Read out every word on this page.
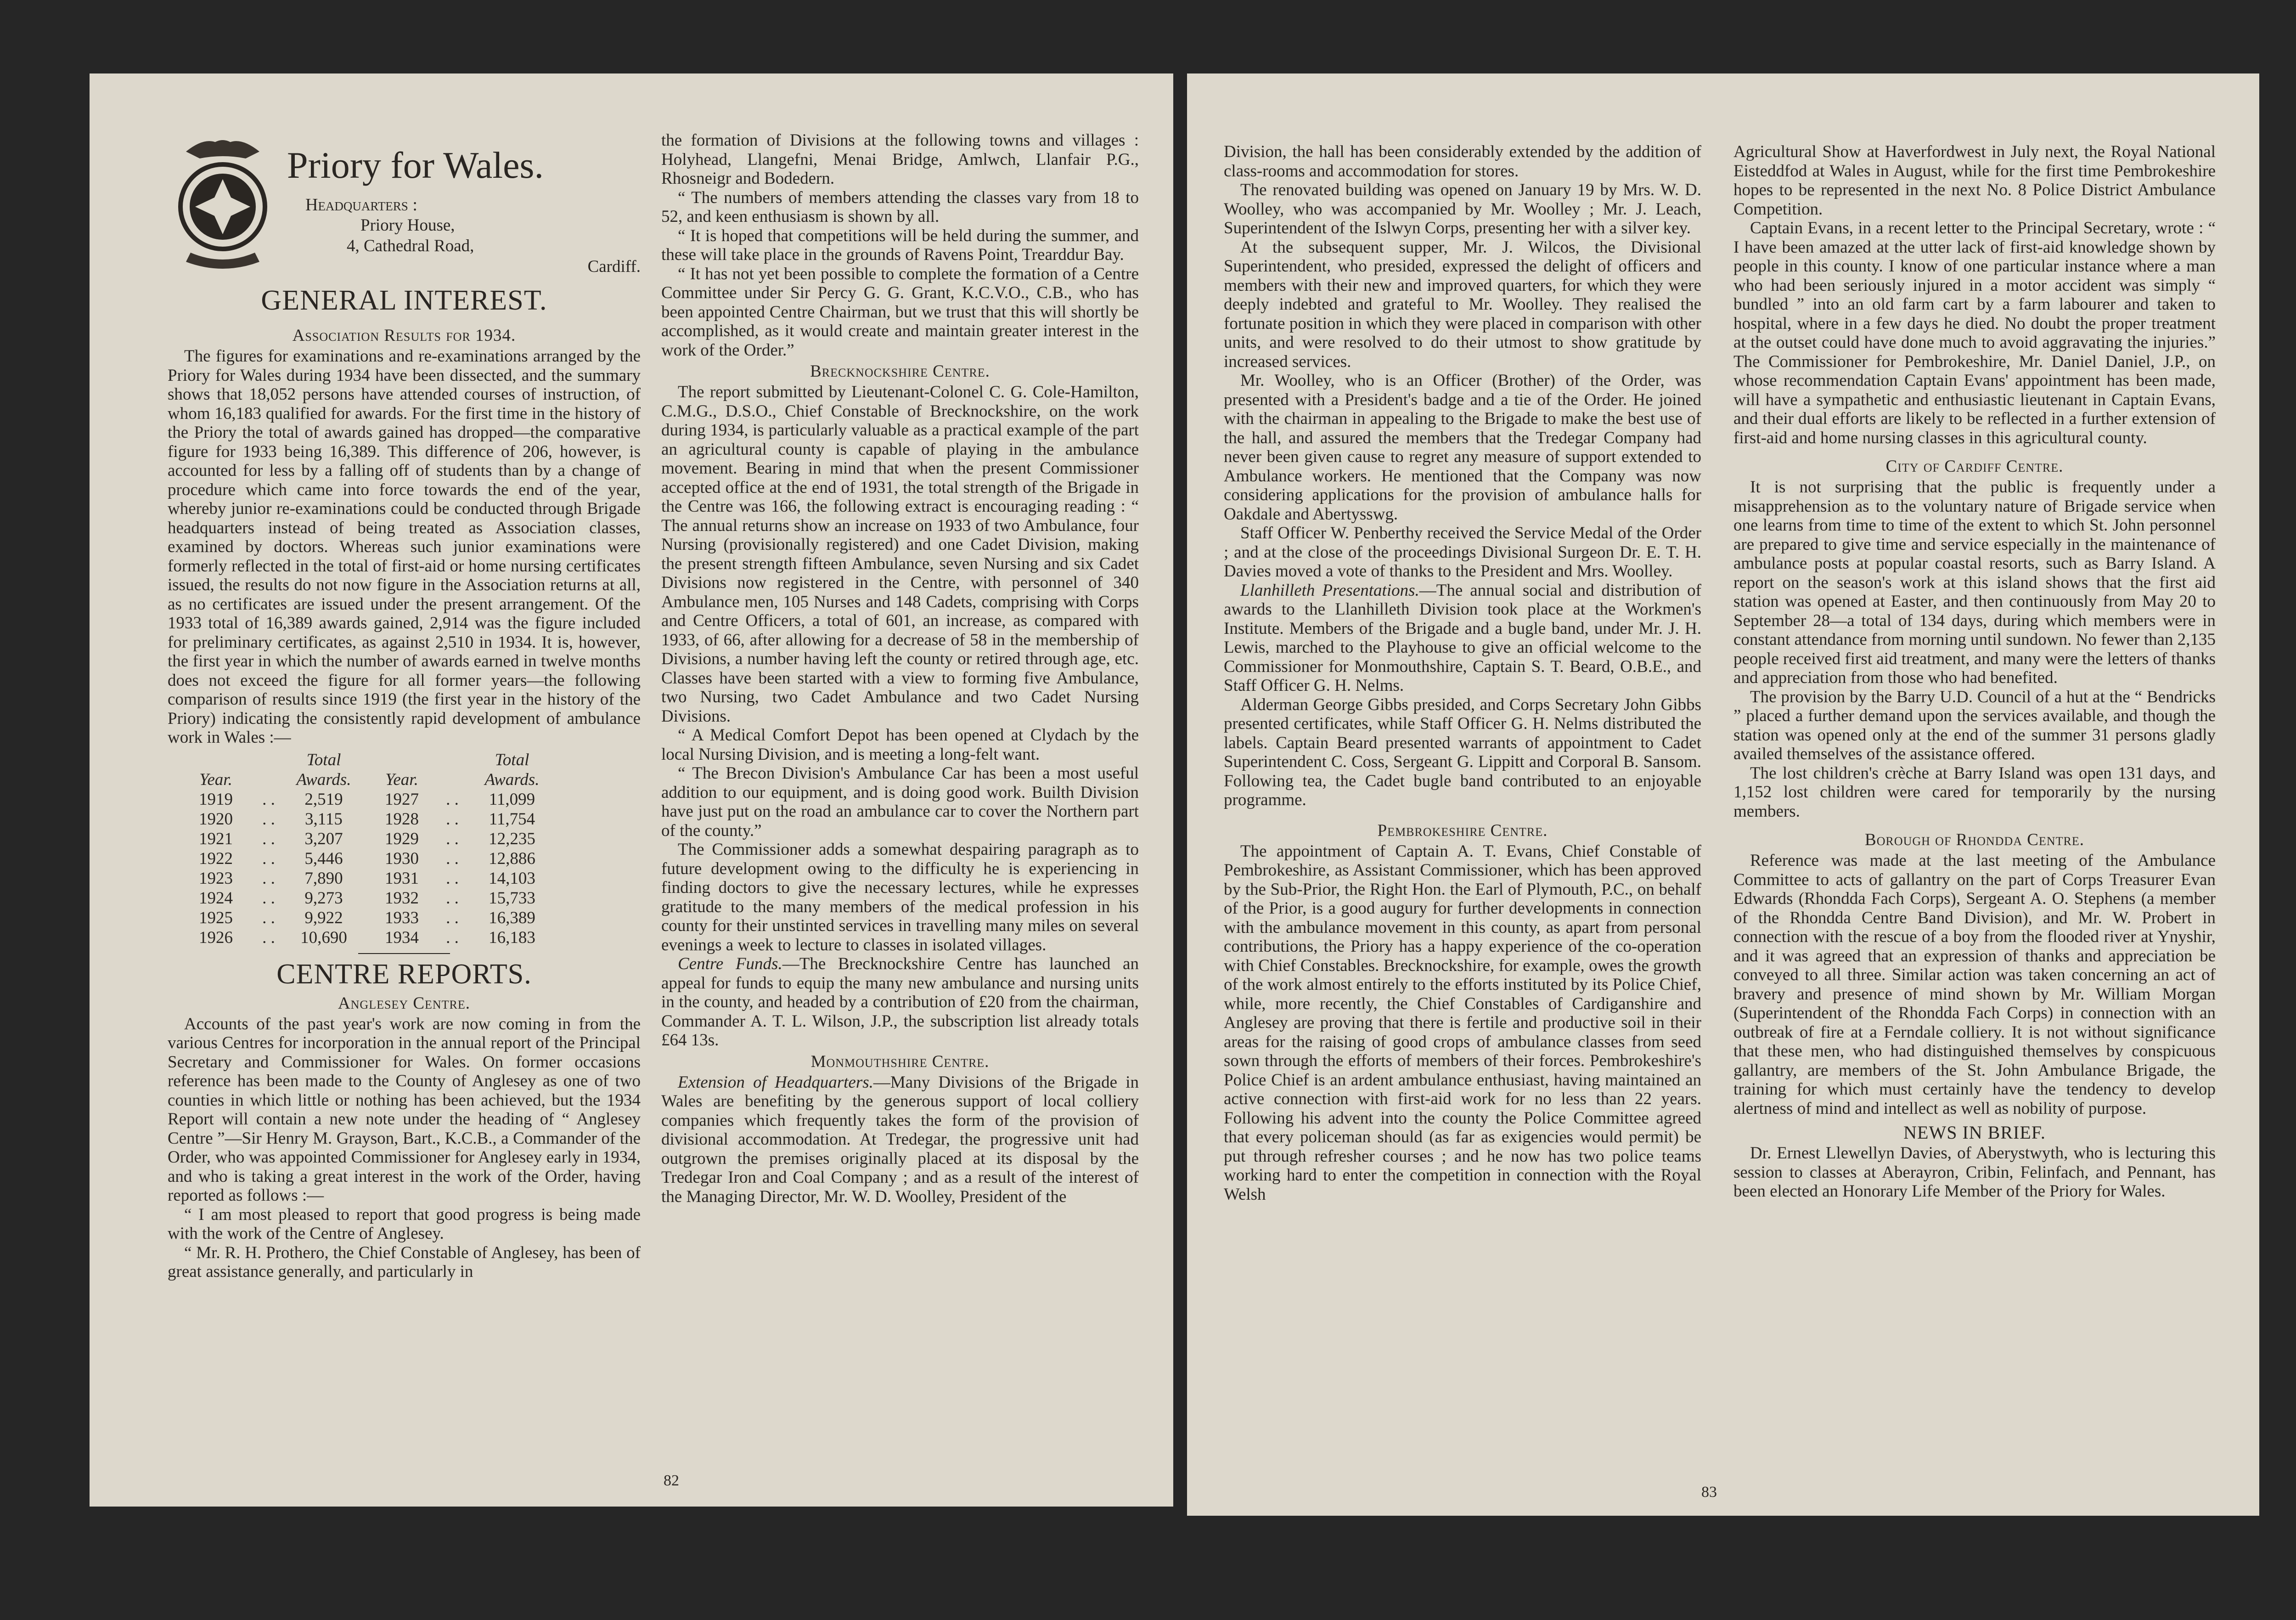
Priory for Wales.
Headquarters :
Priory House,
4, Cathedral Road,
Cardiff.
GENERAL INTEREST.
Association Results for 1934.

The figures for examinations and re-examinations arranged by the Priory for Wales during 1934 have been dissected, and the summary shows that 18,052 persons have attended courses of instruction, of whom 16,183 qualified for awards. For the first time in the history of the Priory the total of awards gained has dropped—the comparative figure for 1933 being 16,389. This difference of 206, however, is accounted for less by a falling off of students than by a change of procedure which came into force towards the end of the year, whereby junior re-examinations could be conducted through Brigade headquarters instead of being treated as Association classes, examined by doctors. Whereas such junior examinations were formerly reflected in the total of first-aid or home nursing certificates issued, the results do not now figure in the Association returns at all, as no certificates are issued under the present arrangement. Of the 1933 total of 16,389 awards gained, 2,914 was the figure included for preliminary certificates, as against 2,510 in 1934. It is, however, the first year in which the number of awards earned in twelve months does not exceed the figure for all former years—the following comparison of results since 1919 (the first year in the history of the Priory) indicating the consistently rapid development of ambulance work in Wales :—

Total	Total
Year.	Awards.	Year.	Awards.
1919	. .	2,519	1927	. .	11,099
1920	. .	3,115	1928	. .	11,754
1921	. .	3,207	1929	. .	12,235
1922	. .	5,446	1930	. .	12,886
1923	. .	7,890	1931	. .	14,103
1924	. .	9,273	1932	. .	15,733
1925	. .	9,922	1933	. .	16,389
1926	. .	10,690	1934	. .	16,183
CENTRE REPORTS.
Anglesey Centre.

Accounts of the past year's work are now coming in from the various Centres for incorporation in the annual report of the Principal Secretary and Commissioner for Wales. On former occasions reference has been made to the County of Anglesey as one of two counties in which little or nothing has been achieved, but the 1934 Report will contain a new note under the heading of “ Anglesey Centre ”—Sir Henry M. Grayson, Bart., K.C.B., a Commander of the Order, who was appointed Commissioner for Anglesey early in 1934, and who is taking a great interest in the work of the Order, having reported as follows :—

“ I am most pleased to report that good progress is being made with the work of the Centre of Anglesey.

“ Mr. R. H. Prothero, the Chief Constable of Anglesey, has been of great assistance generally, and particularly in

the formation of Divisions at the following towns and villages : Holyhead, Llangefni, Menai Bridge, Amlwch, Llanfair P.G., Rhosneigr and Bodedern.

“ The numbers of members attending the classes vary from 18 to 52, and keen enthusiasm is shown by all.

“ It is hoped that competitions will be held during the summer, and these will take place in the grounds of Ravens Point, Trearddur Bay.

“ It has not yet been possible to complete the formation of a Centre Committee under Sir Percy G. G. Grant, K.C.V.O., C.B., who has been appointed Centre Chairman, but we trust that this will shortly be accomplished, as it would create and maintain greater interest in the work of the Order.”

Brecknockshire Centre.

The report submitted by Lieutenant-Colonel C. G. Cole-Hamilton, C.M.G., D.S.O., Chief Constable of Brecknockshire, on the work during 1934, is particularly valuable as a practical example of the part an agricultural county is capable of playing in the ambulance movement. Bearing in mind that when the present Commissioner accepted office at the end of 1931, the total strength of the Brigade in the Centre was 166, the following extract is encouraging reading : “ The annual returns show an increase on 1933 of two Ambulance, four Nursing (provisionally registered) and one Cadet Division, making the present strength fifteen Ambulance, seven Nursing and six Cadet Divisions now registered in the Centre, with personnel of 340 Ambulance men, 105 Nurses and 148 Cadets, comprising with Corps and Centre Officers, a total of 601, an increase, as compared with 1933, of 66, after allowing for a decrease of 58 in the membership of Divisions, a number having left the county or retired through age, etc. Classes have been started with a view to forming five Ambulance, two Nursing, two Cadet Ambulance and two Cadet Nursing Divisions.

“ A Medical Comfort Depot has been opened at Clydach by the local Nursing Division, and is meeting a long-felt want.

“ The Brecon Division's Ambulance Car has been a most useful addition to our equipment, and is doing good work. Builth Division have just put on the road an ambulance car to cover the Northern part of the county.”

The Commissioner adds a somewhat despairing paragraph as to future development owing to the difficulty he is experiencing in finding doctors to give the necessary lectures, while he expresses gratitude to the many members of the medical profession in his county for their unstinted services in travelling many miles on several evenings a week to lecture to classes in isolated villages.

Centre Funds.—The Brecknockshire Centre has launched an appeal for funds to equip the many new ambulance and nursing units in the county, and headed by a contribution of £20 from the chairman, Commander A. T. L. Wilson, J.P., the subscription list already totals £64 13s.

Monmouthshire Centre.

Extension of Headquarters.—Many Divisions of the Brigade in Wales are benefiting by the generous support of local colliery companies which frequently takes the form of the provision of divisional accommodation. At Tredegar, the progressive unit had outgrown the premises originally placed at its disposal by the Tredegar Iron and Coal Company ; and as a result of the interest of the Managing Director, Mr. W. D. Woolley, President of the

82

Division, the hall has been considerably extended by the addition of class-rooms and accommodation for stores.

The renovated building was opened on January 19 by Mrs. W. D. Woolley, who was accompanied by Mr. Woolley ; Mr. J. Leach, Superintendent of the Islwyn Corps, presenting her with a silver key.

At the subsequent supper, Mr. J. Wilcos, the Divisional Superintendent, who presided, expressed the delight of officers and members with their new and improved quarters, for which they were deeply indebted and grateful to Mr. Woolley. They realised the fortunate position in which they were placed in comparison with other units, and were resolved to do their utmost to show gratitude by increased services.

Mr. Woolley, who is an Officer (Brother) of the Order, was presented with a President's badge and a tie of the Order. He joined with the chairman in appealing to the Brigade to make the best use of the hall, and assured the members that the Tredegar Company had never been given cause to regret any measure of support extended to Ambulance workers. He mentioned that the Company was now considering applications for the provision of ambulance halls for Oakdale and Abertysswg.

Staff Officer W. Penberthy received the Service Medal of the Order ; and at the close of the proceedings Divisional Surgeon Dr. E. T. H. Davies moved a vote of thanks to the President and Mrs. Woolley.

Llanhilleth Presentations.—The annual social and distribution of awards to the Llanhilleth Division took place at the Workmen's Institute. Members of the Brigade and a bugle band, under Mr. J. H. Lewis, marched to the Playhouse to give an official welcome to the Commissioner for Monmouthshire, Captain S. T. Beard, O.B.E., and Staff Officer G. H. Nelms.

Alderman George Gibbs presided, and Corps Secretary John Gibbs presented certificates, while Staff Officer G. H. Nelms distributed the labels. Captain Beard presented warrants of appointment to Cadet Superintendent C. Coss, Sergeant G. Lippitt and Corporal B. Sansom. Following tea, the Cadet bugle band contributed to an enjoyable programme.

Pembrokeshire Centre.

The appointment of Captain A. T. Evans, Chief Constable of Pembrokeshire, as Assistant Commissioner, which has been approved by the Sub-Prior, the Right Hon. the Earl of Plymouth, P.C., on behalf of the Prior, is a good augury for further developments in connection with the ambulance movement in this county, as apart from personal contributions, the Priory has a happy experience of the co-operation with Chief Constables. Brecknockshire, for example, owes the growth of the work almost entirely to the efforts instituted by its Police Chief, while, more recently, the Chief Constables of Cardiganshire and Anglesey are proving that there is fertile and productive soil in their areas for the raising of good crops of ambulance classes from seed sown through the efforts of members of their forces. Pembrokeshire's Police Chief is an ardent ambulance enthusiast, having maintained an active connection with first-aid work for no less than 22 years. Following his advent into the county the Police Committee agreed that every policeman should (as far as exigencies would permit) be put through refresher courses ; and he now has two police teams working hard to enter the competition in connection with the Royal Welsh

Agricultural Show at Haverfordwest in July next, the Royal National Eisteddfod at Wales in August, while for the first time Pembrokeshire hopes to be represented in the next No. 8 Police District Ambulance Competition.

Captain Evans, in a recent letter to the Principal Secretary, wrote : “ I have been amazed at the utter lack of first-aid knowledge shown by people in this county. I know of one particular instance where a man who had been seriously injured in a motor accident was simply “ bundled ” into an old farm cart by a farm labourer and taken to hospital, where in a few days he died. No doubt the proper treatment at the outset could have done much to avoid aggravating the injuries.” The Commissioner for Pembrokeshire, Mr. Daniel Daniel, J.P., on whose recommendation Captain Evans' appointment has been made, will have a sympathetic and enthusiastic lieutenant in Captain Evans, and their dual efforts are likely to be reflected in a further extension of first-aid and home nursing classes in this agricultural county.

City of Cardiff Centre.

It is not surprising that the public is frequently under a misapprehension as to the voluntary nature of Brigade service when one learns from time to time of the extent to which St. John personnel are prepared to give time and service especially in the maintenance of ambulance posts at popular coastal resorts, such as Barry Island. A report on the season's work at this island shows that the first aid station was opened at Easter, and then continuously from May 20 to September 28—a total of 134 days, during which members were in constant attendance from morning until sundown. No fewer than 2,135 people received first aid treatment, and many were the letters of thanks and appreciation from those who had benefited.

The provision by the Barry U.D. Council of a hut at the “ Bendricks ” placed a further demand upon the services available, and though the station was opened only at the end of the summer 31 persons gladly availed themselves of the assistance offered.

The lost children's crèche at Barry Island was open 131 days, and 1,152 lost children were cared for temporarily by the nursing members.

Borough of Rhondda Centre.

Reference was made at the last meeting of the Ambulance Committee to acts of gallantry on the part of Corps Treasurer Evan Edwards (Rhondda Fach Corps), Sergeant A. O. Stephens (a member of the Rhondda Centre Band Division), and Mr. W. Probert in connection with the rescue of a boy from the flooded river at Ynyshir, and it was agreed that an expression of thanks and appreciation be conveyed to all three. Similar action was taken concerning an act of bravery and presence of mind shown by Mr. William Morgan (Superintendent of the Rhondda Fach Corps) in connection with an outbreak of fire at a Ferndale colliery. It is not without significance that these men, who had distinguished themselves by conspicuous gallantry, are members of the St. John Ambulance Brigade, the training for which must certainly have the tendency to develop alertness of mind and intellect as well as nobility of purpose.

NEWS IN BRIEF.

Dr. Ernest Llewellyn Davies, of Aberystwyth, who is lecturing this session to classes at Aberayron, Cribin, Felinfach, and Pennant, has been elected an Honorary Life Member of the Priory for Wales.

83
